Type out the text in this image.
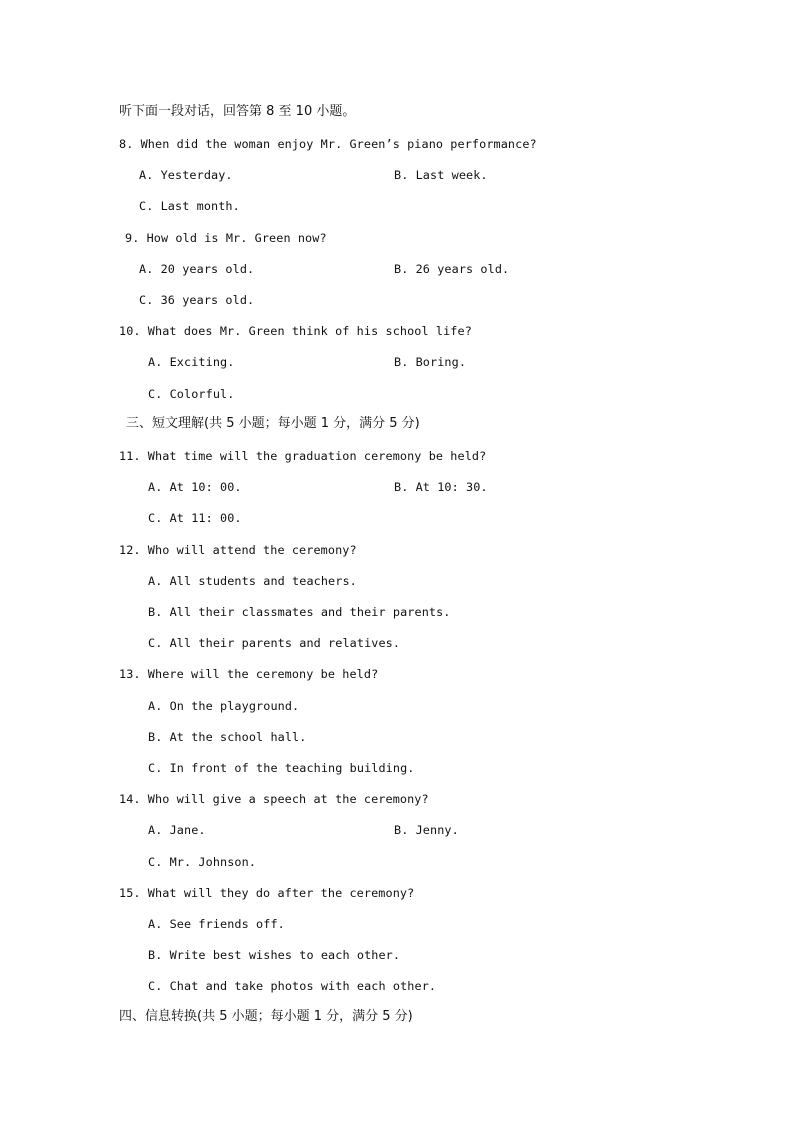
听下面一段对话，回答第 8 至 10 小题。
8. When did the woman enjoy Mr. Green’s piano performance?
A. Yesterday.	B. Last week.
C. Last month.
9. How old is Mr. Green now?
A. 20 years old.	B. 26 years old.
C. 36 years old.
10. What does Mr. Green think of his school life?
A. Exciting.	B. Boring.
C. Colorful.
三、短文理解(共 5 小题；每小题 1 分，满分 5 分)
11. What time will the graduation ceremony be held?
A. At 10: 00.	B. At 10: 30.
C. At 11: 00.
12. Who will attend the ceremony?
A. All students and teachers.
B. All their classmates and their parents.
C. All their parents and relatives.
13. Where will the ceremony be held?
A. On the playground.
B. At the school hall.
C. In front of the teaching building.
14. Who will give a speech at the ceremony?
A. Jane.	B. Jenny.
C. Mr. Johnson.
15. What will they do after the ceremony?
A. See friends off.
B. Write best wishes to each other.
C. Chat and take photos with each other.
四、信息转换(共 5 小题；每小题 1 分，满分 5 分)
